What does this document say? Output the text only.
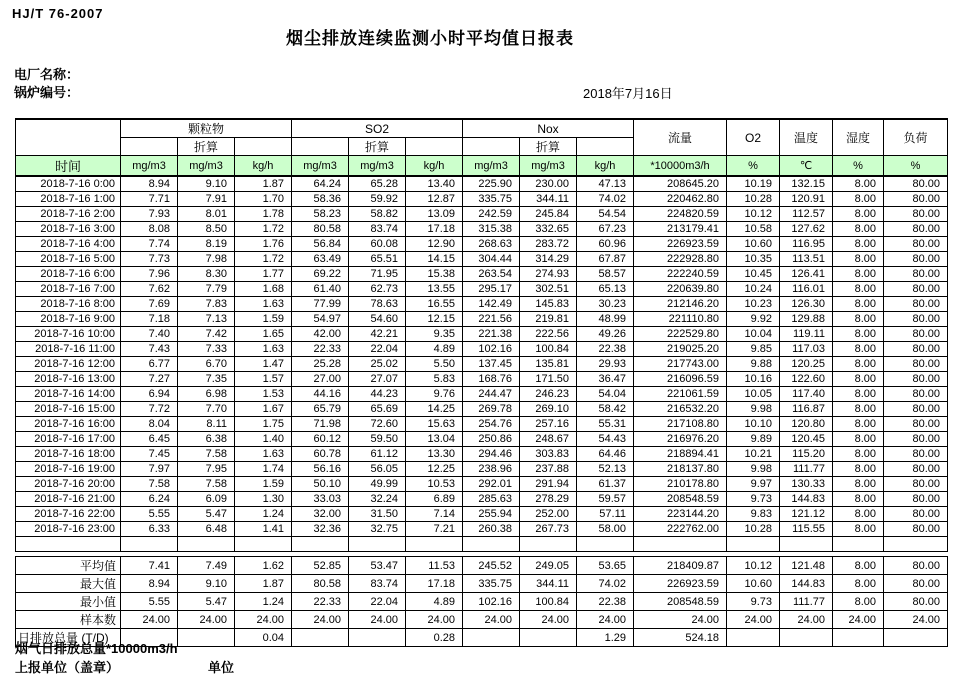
HJ/T 76-2007
烟尘排放连续监测小时平均值日报表
电厂名称：
锅炉编号：	2018年7月16日
	颗粒物			SO2			Nox			流量	O2	温度	湿度	负荷
		折算			折算			折算						
时间	mg/m3	mg/m3	kg/h	mg/m3	mg/m3	kg/h	mg/m3	mg/m3	kg/h	*10000m3/h	%	℃	%	%
2018-7-16 0:00	8.94	9.10	1.87	64.24	65.28	13.40	225.90	230.00	47.13	208645.20	10.19	132.15	8.00	80.00
2018-7-16 1:00	7.71	7.91	1.70	58.36	59.92	12.87	335.75	344.11	74.02	220462.80	10.28	120.91	8.00	80.00
2018-7-16 2:00	7.93	8.01	1.78	58.23	58.82	13.09	242.59	245.84	54.54	224820.59	10.12	112.57	8.00	80.00
2018-7-16 3:00	8.08	8.50	1.72	80.58	83.74	17.18	315.38	332.65	67.23	213179.41	10.58	127.62	8.00	80.00
2018-7-16 4:00	7.74	8.19	1.76	56.84	60.08	12.90	268.63	283.72	60.96	226923.59	10.60	116.95	8.00	80.00
2018-7-16 5:00	7.73	7.98	1.72	63.49	65.51	14.15	304.44	314.29	67.87	222928.80	10.35	113.51	8.00	80.00
2018-7-16 6:00	7.96	8.30	1.77	69.22	71.95	15.38	263.54	274.93	58.57	222240.59	10.45	126.41	8.00	80.00
2018-7-16 7:00	7.62	7.79	1.68	61.40	62.73	13.55	295.17	302.51	65.13	220639.80	10.24	116.01	8.00	80.00
2018-7-16 8:00	7.69	7.83	1.63	77.99	78.63	16.55	142.49	145.83	30.23	212146.20	10.23	126.30	8.00	80.00
2018-7-16 9:00	7.18	7.13	1.59	54.97	54.60	12.15	221.56	219.81	48.99	221110.80	9.92	129.88	8.00	80.00
2018-7-16 10:00	7.40	7.42	1.65	42.00	42.21	9.35	221.38	222.56	49.26	222529.80	10.04	119.11	8.00	80.00
2018-7-16 11:00	7.43	7.33	1.63	22.33	22.04	4.89	102.16	100.84	22.38	219025.20	9.85	117.03	8.00	80.00
2018-7-16 12:00	6.77	6.70	1.47	25.28	25.02	5.50	137.45	135.81	29.93	217743.00	9.88	120.25	8.00	80.00
2018-7-16 13:00	7.27	7.35	1.57	27.00	27.07	5.83	168.76	171.50	36.47	216096.59	10.16	122.60	8.00	80.00
2018-7-16 14:00	6.94	6.98	1.53	44.16	44.23	9.76	244.47	246.23	54.04	221061.59	10.05	117.40	8.00	80.00
2018-7-16 15:00	7.72	7.70	1.67	65.79	65.69	14.25	269.78	269.10	58.42	216532.20	9.98	116.87	8.00	80.00
2018-7-16 16:00	8.04	8.11	1.75	71.98	72.60	15.63	254.76	257.16	55.31	217108.80	10.10	120.80	8.00	80.00
2018-7-16 17:00	6.45	6.38	1.40	60.12	59.50	13.04	250.86	248.67	54.43	216976.20	9.89	120.45	8.00	80.00
2018-7-16 18:00	7.45	7.58	1.63	60.78	61.12	13.30	294.46	303.83	64.46	218894.41	10.21	115.20	8.00	80.00
2018-7-16 19:00	7.97	7.95	1.74	56.16	56.05	12.25	238.96	237.88	52.13	218137.80	9.98	111.77	8.00	80.00
2018-7-16 20:00	7.58	7.58	1.59	50.10	49.99	10.53	292.01	291.94	61.37	210178.80	9.97	130.33	8.00	80.00
2018-7-16 21:00	6.24	6.09	1.30	33.03	32.24	6.89	285.63	278.29	59.57	208548.59	9.73	144.83	8.00	80.00
2018-7-16 22:00	5.55	5.47	1.24	32.00	31.50	7.14	255.94	252.00	57.11	223144.20	9.83	121.12	8.00	80.00
2018-7-16 23:00	6.33	6.48	1.41	32.36	32.75	7.21	260.38	267.73	58.00	222762.00	10.28	115.55	8.00	80.00

平均值	7.41	7.49	1.62	52.85	53.47	11.53	245.52	249.05	53.65	218409.87	10.12	121.48	8.00	80.00
最大值	8.94	9.10	1.87	80.58	83.74	17.18	335.75	344.11	74.02	226923.59	10.60	144.83	8.00	80.00
最小值	5.55	5.47	1.24	22.33	22.04	4.89	102.16	100.84	22.38	208548.59	9.73	111.77	8.00	80.00
样本数	24.00	24.00	24.00	24.00	24.00	24.00	24.00	24.00	24.00	24.00	24.00	24.00	24.00	24.00
日排放总量 (T/D)			0.04			0.28			1.29	524.18				
烟气日排放总量*10000m3/h
上报单位（盖章）	单位
